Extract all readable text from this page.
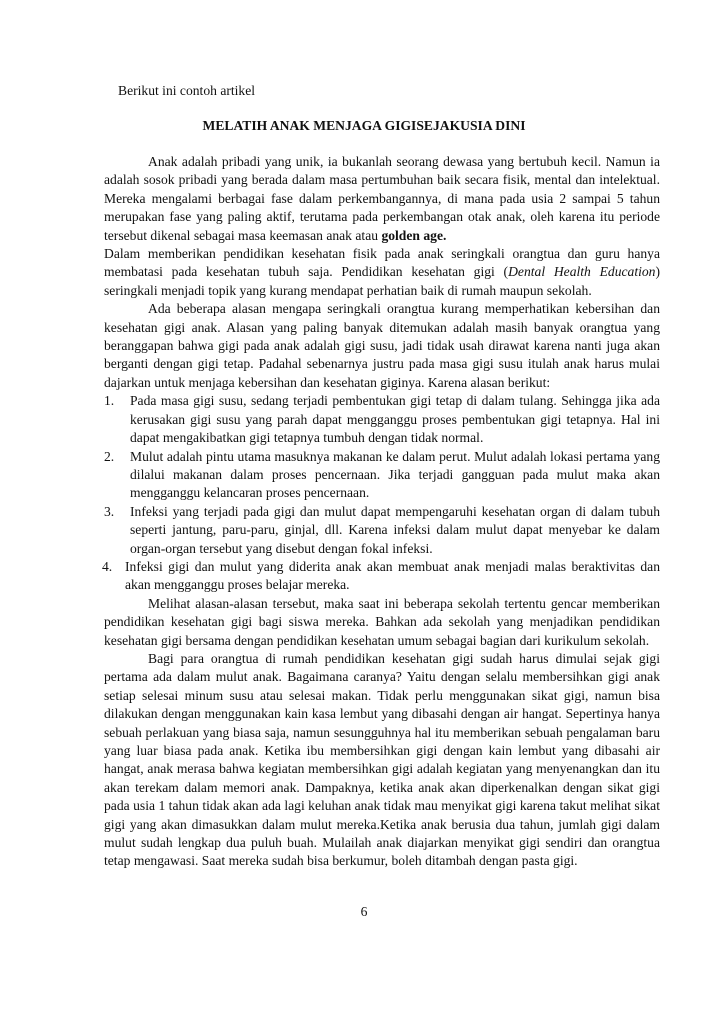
Berikut ini contoh artikel
MELATIH ANAK MENJAGA GIGISEJAKUSIA DINI

Anak adalah pribadi yang unik, ia bukanlah seorang dewasa yang bertubuh kecil. Namun ia adalah sosok pribadi yang berada dalam masa pertumbuhan baik secara fisik, mental dan intelektual. Mereka mengalami berbagai fase dalam perkembangannya, di mana pada usia 2 sampai 5 tahun merupakan fase yang paling aktif, terutama pada perkembangan otak anak, oleh karena itu periode tersebut dikenal sebagai masa keemasan anak atau golden age.

Dalam memberikan pendidikan kesehatan fisik pada anak seringkali orangtua dan guru hanya membatasi pada kesehatan tubuh saja. Pendidikan kesehatan gigi (Dental Health Education) seringkali menjadi topik yang kurang mendapat perhatian baik di rumah maupun sekolah.

Ada beberapa alasan mengapa seringkali orangtua kurang memperhatikan kebersihan dan kesehatan gigi anak. Alasan yang paling banyak ditemukan adalah masih banyak orangtua yang beranggapan bahwa gigi pada anak adalah gigi susu, jadi tidak usah dirawat karena nanti juga akan berganti dengan gigi tetap. Padahal sebenarnya justru pada masa gigi susu itulah anak harus mulai dajarkan untuk menjaga kebersihan dan kesehatan giginya. Karena alasan berikut:

1. Pada masa gigi susu, sedang terjadi pembentukan gigi tetap di dalam tulang. Sehingga jika ada kerusakan gigi susu yang parah dapat mengganggu proses pembentukan gigi tetapnya. Hal ini dapat mengakibatkan gigi tetapnya tumbuh dengan tidak normal.
2. Mulut adalah pintu utama masuknya makanan ke dalam perut. Mulut adalah lokasi pertama yang dilalui makanan dalam proses pencernaan. Jika terjadi gangguan pada mulut maka akan mengganggu kelancaran proses pencernaan.
3. Infeksi yang terjadi pada gigi dan mulut dapat mempengaruhi kesehatan organ di dalam tubuh seperti jantung, paru-paru, ginjal, dll. Karena infeksi dalam mulut dapat menyebar ke dalam organ-organ tersebut yang disebut dengan fokal infeksi.
4. Infeksi gigi dan mulut yang diderita anak akan membuat anak menjadi malas beraktivitas dan akan mengganggu proses belajar mereka.

Melihat alasan-alasan tersebut, maka saat ini beberapa sekolah tertentu gencar memberikan pendidikan kesehatan gigi bagi siswa mereka. Bahkan ada sekolah yang menjadikan pendidikan kesehatan gigi bersama dengan pendidikan kesehatan umum sebagai bagian dari kurikulum sekolah.

Bagi para orangtua di rumah pendidikan kesehatan gigi sudah harus dimulai sejak gigi pertama ada dalam mulut anak. Bagaimana caranya? Yaitu dengan selalu membersihkan gigi anak setiap selesai minum susu atau selesai makan. Tidak perlu menggunakan sikat gigi, namun bisa dilakukan dengan menggunakan kain kasa lembut yang dibasahi dengan air hangat. Sepertinya hanya sebuah perlakuan yang biasa saja, namun sesungguhnya hal itu memberikan sebuah pengalaman baru yang luar biasa pada anak. Ketika ibu membersihkan gigi dengan kain lembut yang dibasahi air hangat, anak merasa bahwa kegiatan membersihkan gigi adalah kegiatan yang menyenangkan dan itu akan terekam dalam memori anak. Dampaknya, ketika anak akan diperkenalkan dengan sikat gigi pada usia 1 tahun tidak akan ada lagi keluhan anak tidak mau menyikat gigi karena takut melihat sikat gigi yang akan dimasukkan dalam mulut mereka.Ketika anak berusia dua tahun, jumlah gigi dalam mulut sudah lengkap dua puluh buah. Mulailah anak diajarkan menyikat gigi sendiri dan orangtua tetap mengawasi. Saat mereka sudah bisa berkumur, boleh ditambah dengan pasta gigi.

6
